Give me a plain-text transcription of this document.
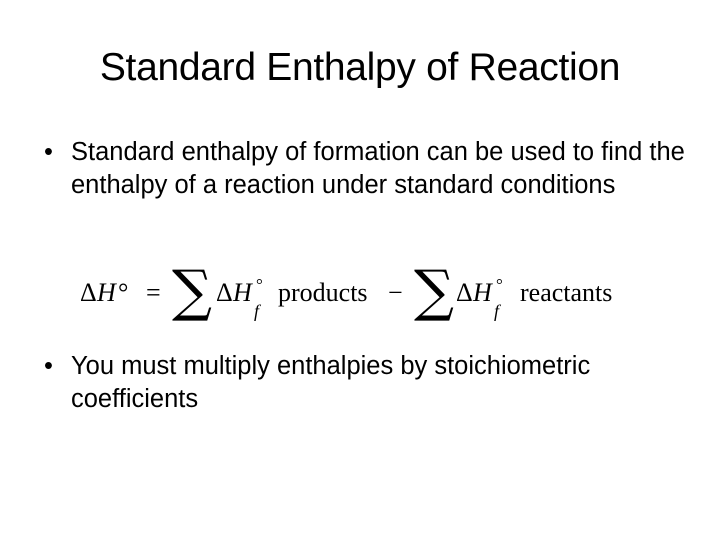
Standard Enthalpy of Reaction
• Standard enthalpy of formation can be used to find the enthalpy of a reaction under standard conditions
Δ H ° = ∑ Δ H
f
° products − ∑ Δ H
f
° reactants
• You must multiply enthalpies by stoichiometric coefficients
